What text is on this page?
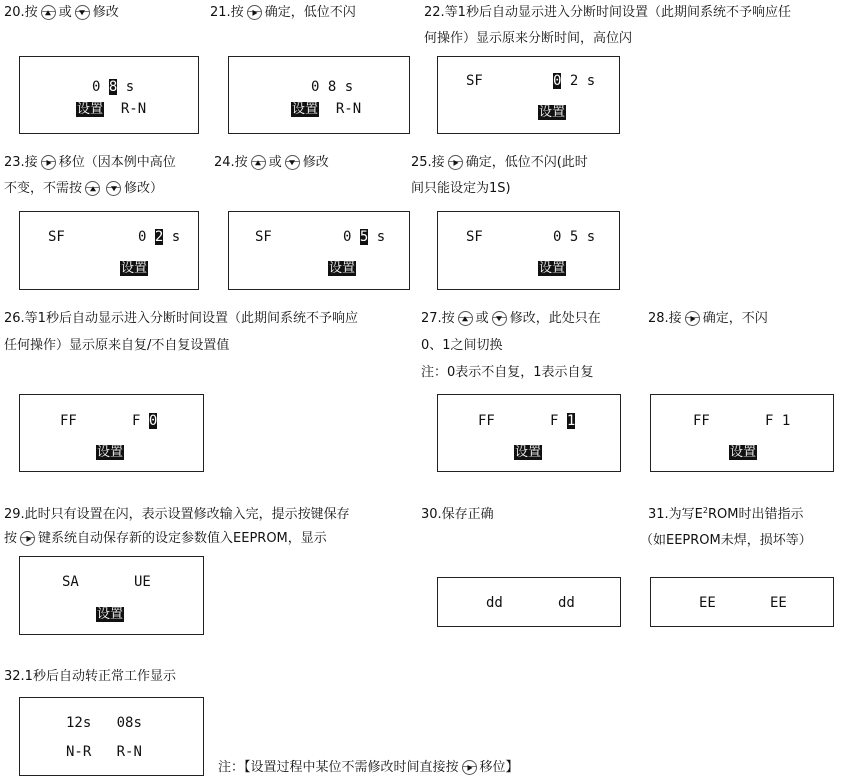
20.按 或 修改
0 8 s
设置 R-N
21.按 确定，低位不闪
0 8 s
设置 R-N
22.等1秒后自动显示进入分断时间设置（此期间系统不予响应任
何操作）显示原来分断时间，高位闪
SF	0 2 s
设置
23.接 移位（因本例中高位
不变，不需按	修改）
SF	0 2 s
设置
24.按 或 修改
SF	0 5 s
设置
25.接 确定，低位不闪(此时
间只能设定为1S)
SF	0 5 s
设置
26.等1秒后自动显示进入分断时间设置（此期间系统不予响应
任何操作）显示原来自复/不自复设置值
FF	F 0
设置
27.按 或 修改，此处只在
0、1之间切换
注：0表示不自复，1表示自复
FF	F 1
设置
28.接 确定，不闪
FF	F 1
设置
29.此时只有设置在闪，表示设置修改输入完，提示按键保存
按 键系统自动保存新的设定参数值入EEPROM，显示
SA	UE
设置
30.保存正确
dd	dd
31.为写$E^2ROM$时出错指示
（如EEPROM未焊，损坏等）
EE	EE
32.1秒后自动转正常工作显示
12s 08s
N-R R-N
注：【设置过程中某位不需修改时间直接按 移位】
